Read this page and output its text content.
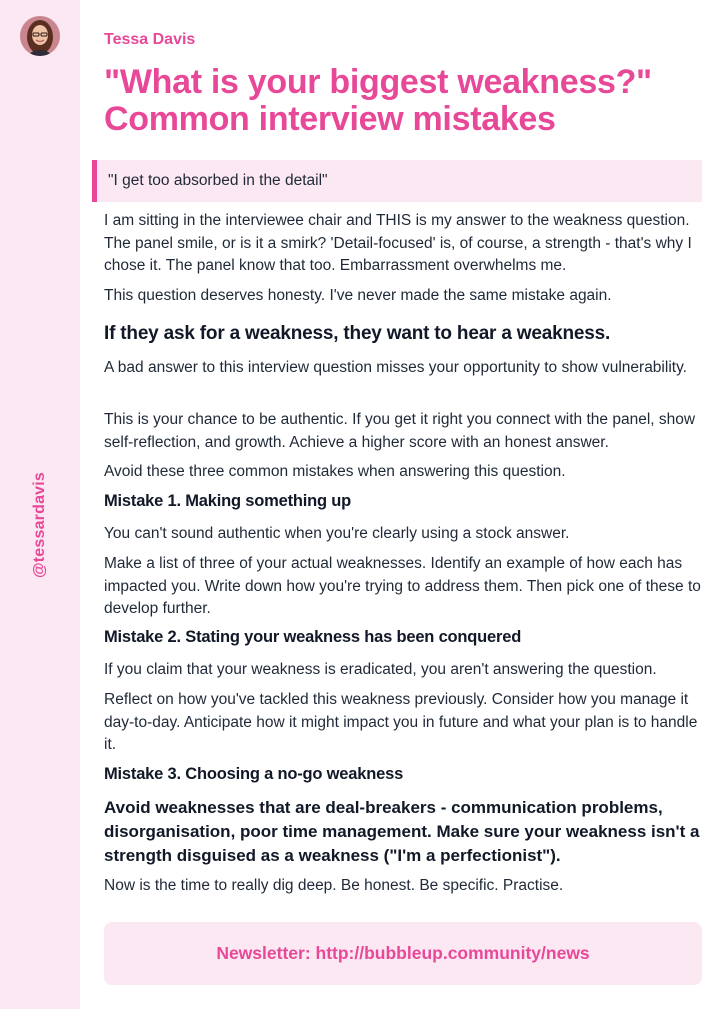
@tessardavis
Tessa Davis
"What is your biggest weakness?" Common interview mistakes
"I get too absorbed in the detail"

I am sitting in the interviewee chair and THIS is my answer to the weakness question. The panel smile, or is it a smirk? 'Detail-focused' is, of course, a strength - that's why I chose it. The panel know that too. Embarrassment overwhelms me.

This question deserves honesty. I've never made the same mistake again.

If they ask for a weakness, they want to hear a weakness.

A bad answer to this interview question misses your opportunity to show vulnerability.

This is your chance to be authentic. If you get it right you connect with the panel, show self-reflection, and growth. Achieve a higher score with an honest answer.

Avoid these three common mistakes when answering this question.

Mistake 1. Making something up

You can't sound authentic when you're clearly using a stock answer.

Make a list of three of your actual weaknesses. Identify an example of how each has impacted you. Write down how you're trying to address them. Then pick one of these to develop further.

Mistake 2. Stating your weakness has been conquered

If you claim that your weakness is eradicated, you aren't answering the question.

Reflect on how you've tackled this weakness previously. Consider how you manage it day-to-day. Anticipate how it might impact you in future and what your plan is to handle it.

Mistake 3. Choosing a no-go weakness

Avoid weaknesses that are deal-breakers - communication problems, disorganisation, poor time management. Make sure your weakness isn't a strength disguised as a weakness ("I'm a perfectionist").

Now is the time to really dig deep. Be honest. Be specific. Practise.

Newsletter: http://bubbleup.community/news
